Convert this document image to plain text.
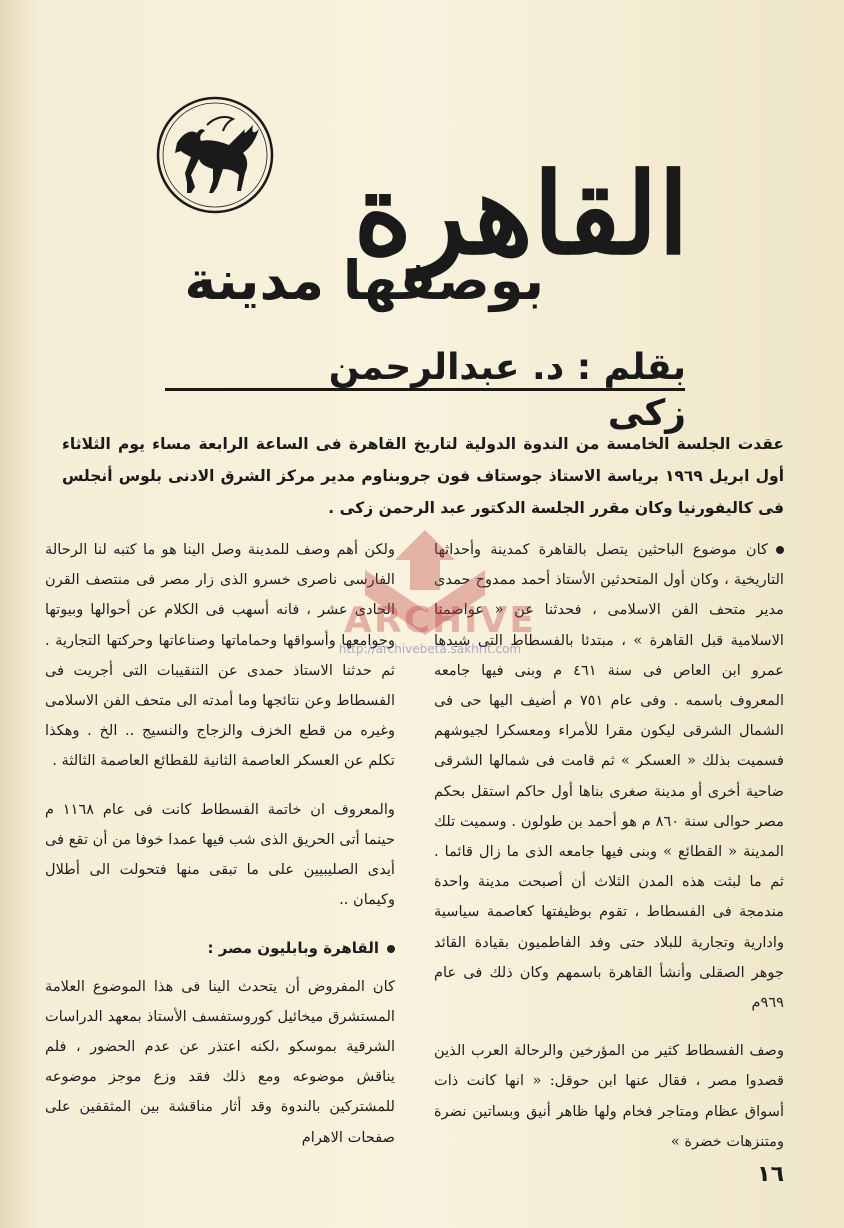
القاهرة
بوصفها مدينة
بقلم : د. عبدالرحمن زكى
عقدت الجلسة الخامسة من الندوة الدولية لتاريخ القاهرة فى الساعة الرابعة مساء يوم الثلاثاء أول ابريل ١٩٦٩ برياسة الاستاذ جوستاف فون جروبناوم مدير مركز الشرق الادنى بلوس أنجلس فى كاليفورنيا وكان مقرر الجلسة الدكتور عبد الرحمن زكى .

كان موضوع الباحثين يتصل بالقاهرة كمدينة وأحداثها التاريخية ، وكان أول المتحدثين الأستاذ أحمد ممدوح حمدى مدير متحف الفن الاسلامى ، فحدثنا عن « عواصمنا الاسلامية قبل القاهرة » ، مبتدئا بالفسطاط التى شيدها عمرو ابن العاص فى سنة ٤٦١ م وبنى فيها جامعه المعروف باسمه . وفى عام ٧٥١ م أضيف اليها حى فى الشمال الشرقى ليكون مقرا للأمراء ومعسكرا لجيوشهم فسميت بذلك « العسكر » ثم قامت فى شمالها الشرقى ضاحية أخرى أو مدينة صغرى بناها أول حاكم استقل بحكم مصر حوالى سنة ٨٦٠ م هو أحمد بن طولون . وسميت تلك المدينة « القطائع » وبنى فيها جامعه الذى ما زال قائما . ثم ما لبثت هذه المدن الثلاث أن أصبحت مدينة واحدة مندمجة فى الفسطاط ، تقوم بوظيفتها كعاصمة سياسية وادارية وتجارية للبلاد حتى وفد الفاطميون بقيادة القائد جوهر الصقلى وأنشأ القاهرة باسمهم وكان ذلك فى عام ٩٦٩م

وصف الفسطاط كثير من المؤرخين والرحالة العرب الذين قصدوا مصر ، فقال عنها ابن حوقل: « انها كانت ذات أسواق عظام ومتاجر فخام ولها ظاهر أنيق وبساتين نضرة ومتنزهات خضرة »

ولكن أهم وصف للمدينة وصل الينا هو ما كتبه لنا الرحالة الفارسى ناصرى خسرو الذى زار مصر فى منتصف القرن الحادى عشر ، فانه أسهب فى الكلام عن أحوالها وبيوتها وجوامعها وأسواقها وحماماتها وصناعاتها وحركتها التجارية . ثم حدثنا الاستاذ حمدى عن التنقيبات التى أجريت فى الفسطاط وعن نتائجها وما أمدته الى متحف الفن الاسلامى وغيره من قطع الخزف والزجاج والنسيج .. الخ . وهكذا تكلم عن العسكر العاصمة الثانية للقطائع العاصمة الثالثة .

والمعروف ان خاتمة الفسطاط كانت فى عام ١١٦٨ م حينما أتى الحريق الذى شب فيها عمدا خوفا من أن تقع فى أيدى الصليبيين على ما تبقى منها فتحولت الى أطلال وكيمان ..

القاهرة وبابليون مصر :

كان المفروض أن يتحدث الينا فى هذا الموضوع العلامة المستشرق ميخائيل كوروستفسف الأستاذ بمعهد الدراسات الشرقية بموسكو ،لكنه اعتذر عن عدم الحضور ، فلم يناقش موضوعه ومع ذلك فقد وزع موجز موضوعه للمشتركين بالندوة وقد أثار مناقشة بين المثقفين على صفحات الاهرام

ARCHIVE
http://archivebeta.sakhrit.com
١٦
